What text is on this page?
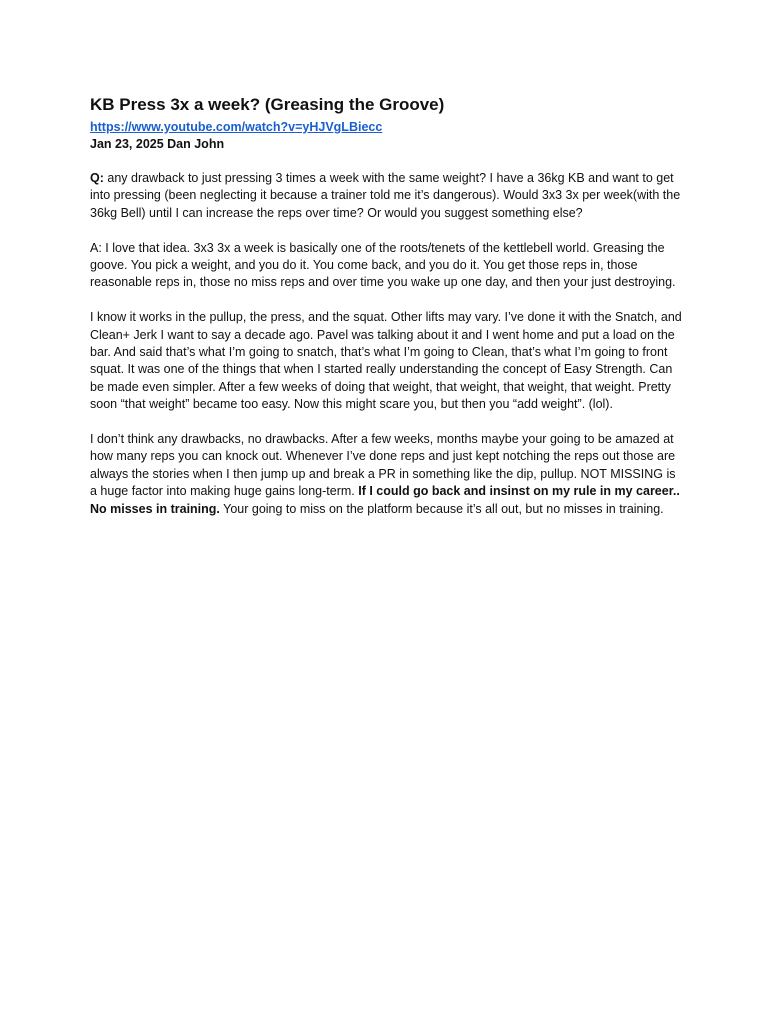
KB Press 3x a week? (Greasing the Groove)
https://www.youtube.com/watch?v=yHJVgLBiecc
Jan 23, 2025 Dan John

Q: any drawback to just pressing 3 times a week with the same weight? I have a 36kg KB and want to get into pressing (been neglecting it because a trainer told me it’s dangerous). Would 3x3 3x per week(with the 36kg Bell) until I can increase the reps over time? Or would you suggest something else?

A: I love that idea. 3x3 3x a week is basically one of the roots/tenets of the kettlebell world. Greasing the goove. You pick a weight, and you do it. You come back, and you do it. You get those reps in, those reasonable reps in, those no miss reps and over time you wake up one day, and then your just destroying.

I know it works in the pullup, the press, and the squat. Other lifts may vary. I’ve done it with the Snatch, and Clean+ Jerk I want to say a decade ago. Pavel was talking about it and I went home and put a load on the bar. And said that’s what I’m going to snatch, that’s what I’m going to Clean, that’s what I’m going to front squat. It was one of the things that when I started really understanding the concept of Easy Strength. Can be made even simpler. After a few weeks of doing that weight, that weight, that weight, that weight. Pretty soon “that weight” became too easy. Now this might scare you, but then you “add weight”. (lol).

I don’t think any drawbacks, no drawbacks. After a few weeks, months maybe your going to be amazed at how many reps you can knock out. Whenever I’ve done reps and just kept notching the reps out those are always the stories when I then jump up and break a PR in something like the dip, pullup. NOT MISSING is a huge factor into making huge gains long-term. If I could go back and insinst on my rule in my career.. No misses in training. Your going to miss on the platform because it’s all out, but no misses in training.
